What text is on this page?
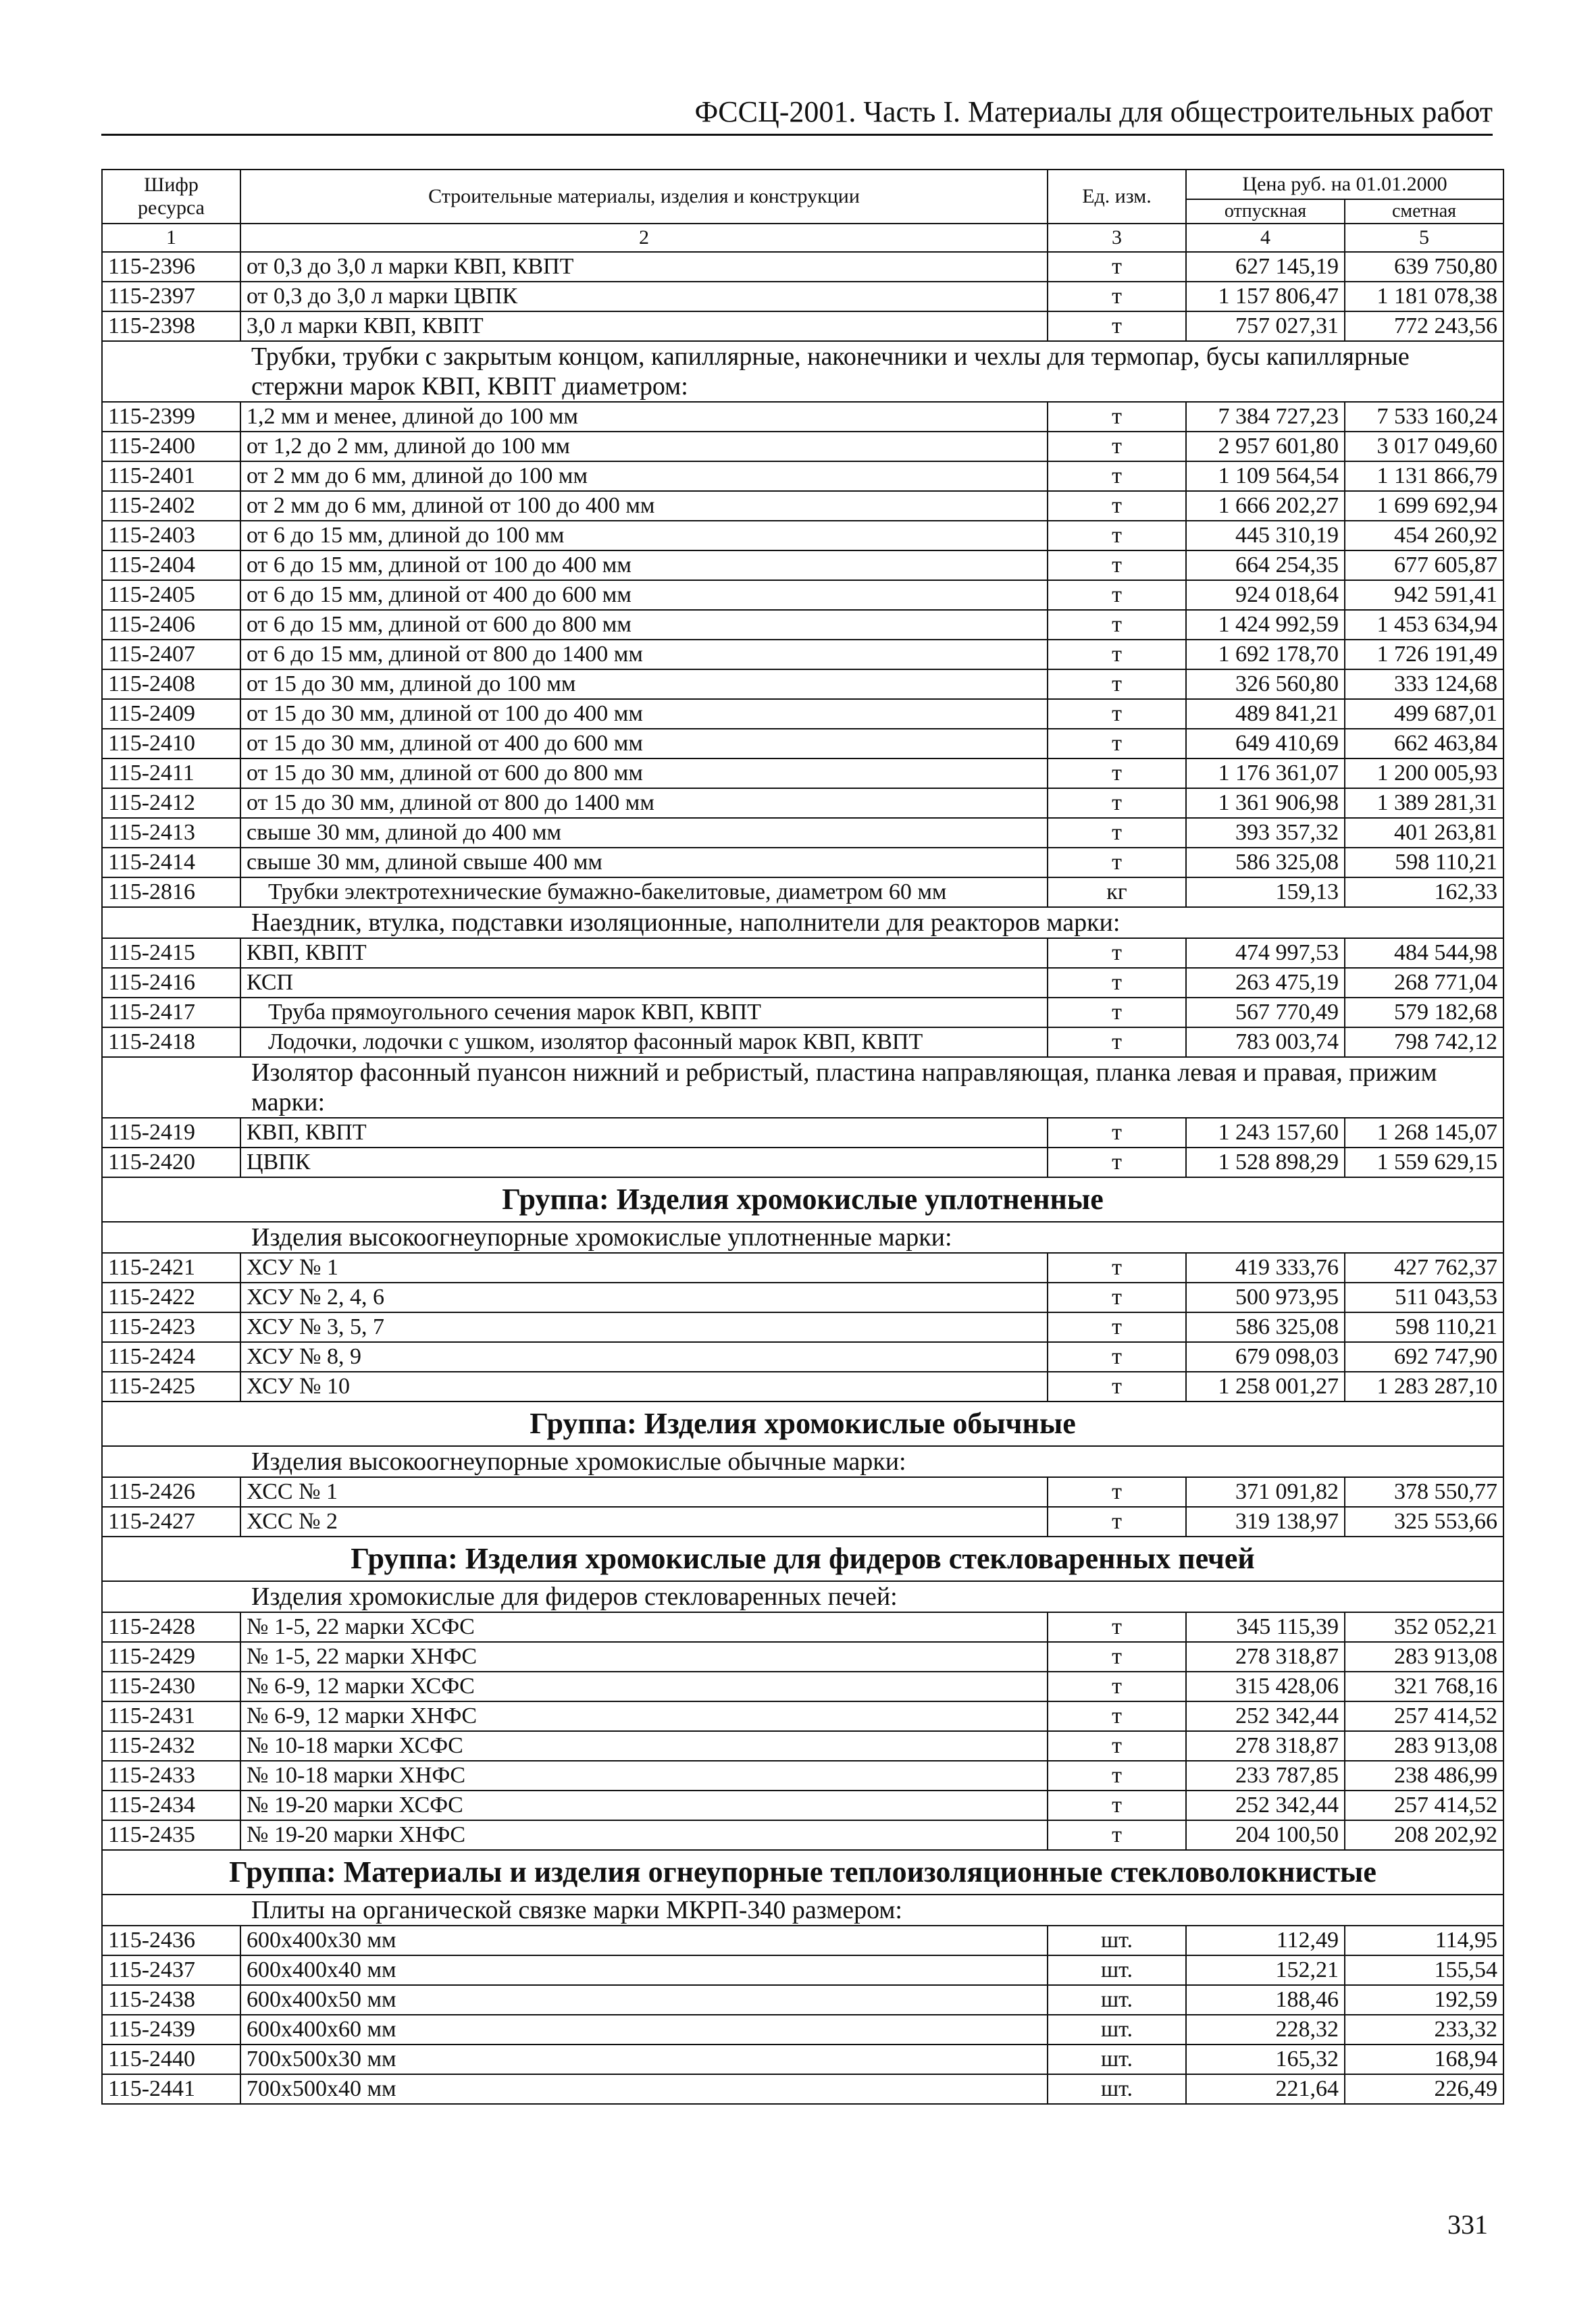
ФССЦ-2001. Часть I. Материалы для общестроительных работ
Шифр ресурса	Строительные материалы, изделия и конструкции	Ед. изм.	Цена руб. на 01.01.2000	
			отпускная	сметная
1	2	3	4	5
115-2396	от 0,3 до 3,0 л марки КВП, КВПТ	т	627 145,19	639 750,80
115-2397	от 0,3 до 3,0 л марки ЦВПК	т	1 157 806,47	1 181 078,38
115-2398	3,0 л марки КВП, КВПТ	т	757 027,31	772 243,56
Трубки, трубки с закрытым концом, капиллярные, наконечники и чехлы для термопар, бусы капиллярные стержни марок КВП, КВПТ диаметром:				
115-2399	1,2 мм и менее, длиной до 100 мм	т	7 384 727,23	7 533 160,24
115-2400	от 1,2 до 2 мм, длиной до 100 мм	т	2 957 601,80	3 017 049,60
115-2401	от 2 мм до 6 мм, длиной до 100 мм	т	1 109 564,54	1 131 866,79
115-2402	от 2 мм до 6 мм, длиной от 100 до 400 мм	т	1 666 202,27	1 699 692,94
115-2403	от 6 до 15 мм, длиной до 100 мм	т	445 310,19	454 260,92
115-2404	от 6 до 15 мм, длиной от 100 до 400 мм	т	664 254,35	677 605,87
115-2405	от 6 до 15 мм, длиной от 400 до 600 мм	т	924 018,64	942 591,41
115-2406	от 6 до 15 мм, длиной от 600 до 800 мм	т	1 424 992,59	1 453 634,94
115-2407	от 6 до 15 мм, длиной от 800 до 1400 мм	т	1 692 178,70	1 726 191,49
115-2408	от 15 до 30 мм, длиной до 100 мм	т	326 560,80	333 124,68
115-2409	от 15 до 30 мм, длиной от 100 до 400 мм	т	489 841,21	499 687,01
115-2410	от 15 до 30 мм, длиной от 400 до 600 мм	т	649 410,69	662 463,84
115-2411	от 15 до 30 мм, длиной от 600 до 800 мм	т	1 176 361,07	1 200 005,93
115-2412	от 15 до 30 мм, длиной от 800 до 1400 мм	т	1 361 906,98	1 389 281,31
115-2413	свыше 30 мм, длиной до 400 мм	т	393 357,32	401 263,81
115-2414	свыше 30 мм, длиной свыше 400 мм	т	586 325,08	598 110,21
115-2816	Трубки электротехнические бумажно-бакелитовые, диаметром 60 мм	кг	159,13	162,33
Наездник, втулка, подставки изоляционные, наполнители для реакторов марки:				
115-2415	КВП, КВПТ	т	474 997,53	484 544,98
115-2416	КСП	т	263 475,19	268 771,04
115-2417	Труба прямоугольного сечения марок КВП, КВПТ	т	567 770,49	579 182,68
115-2418	Лодочки, лодочки с ушком, изолятор фасонный марок КВП, КВПТ	т	783 003,74	798 742,12
Изолятор фасонный пуансон нижний и ребристый, пластина направляющая, планка левая и правая, прижим марки:				
115-2419	КВП, КВПТ	т	1 243 157,60	1 268 145,07
115-2420	ЦВПК	т	1 528 898,29	1 559 629,15
Группа: Изделия хромокислые уплотненные				
Изделия высокоогнеупорные хромокислые уплотненные марки:				
115-2421	ХСУ № 1	т	419 333,76	427 762,37
115-2422	ХСУ № 2, 4, 6	т	500 973,95	511 043,53
115-2423	ХСУ № 3, 5, 7	т	586 325,08	598 110,21
115-2424	ХСУ № 8, 9	т	679 098,03	692 747,90
115-2425	ХСУ № 10	т	1 258 001,27	1 283 287,10
Группа: Изделия хромокислые обычные				
Изделия высокоогнеупорные хромокислые обычные марки:				
115-2426	ХСС № 1	т	371 091,82	378 550,77
115-2427	ХСС № 2	т	319 138,97	325 553,66
Группа: Изделия хромокислые для фидеров стекловаренных печей				
Изделия хромокислые для фидеров стекловаренных печей:				
115-2428	№ 1-5, 22 марки ХСФС	т	345 115,39	352 052,21
115-2429	№ 1-5, 22 марки ХНФС	т	278 318,87	283 913,08
115-2430	№ 6-9, 12 марки ХСФС	т	315 428,06	321 768,16
115-2431	№ 6-9, 12 марки ХНФС	т	252 342,44	257 414,52
115-2432	№ 10-18 марки ХСФС	т	278 318,87	283 913,08
115-2433	№ 10-18 марки ХНФС	т	233 787,85	238 486,99
115-2434	№ 19-20 марки ХСФС	т	252 342,44	257 414,52
115-2435	№ 19-20 марки ХНФС	т	204 100,50	208 202,92
Группа: Материалы и изделия огнеупорные теплоизоляционные стекловолокнистые				
Плиты на органической связке марки МКРП-340 размером:				
115-2436	600x400x30 мм	шт.	112,49	114,95
115-2437	600x400x40 мм	шт.	152,21	155,54
115-2438	600x400x50 мм	шт.	188,46	192,59
115-2439	600x400x60 мм	шт.	228,32	233,32
115-2440	700x500x30 мм	шт.	165,32	168,94
115-2441	700x500x40 мм	шт.	221,64	226,49
331
